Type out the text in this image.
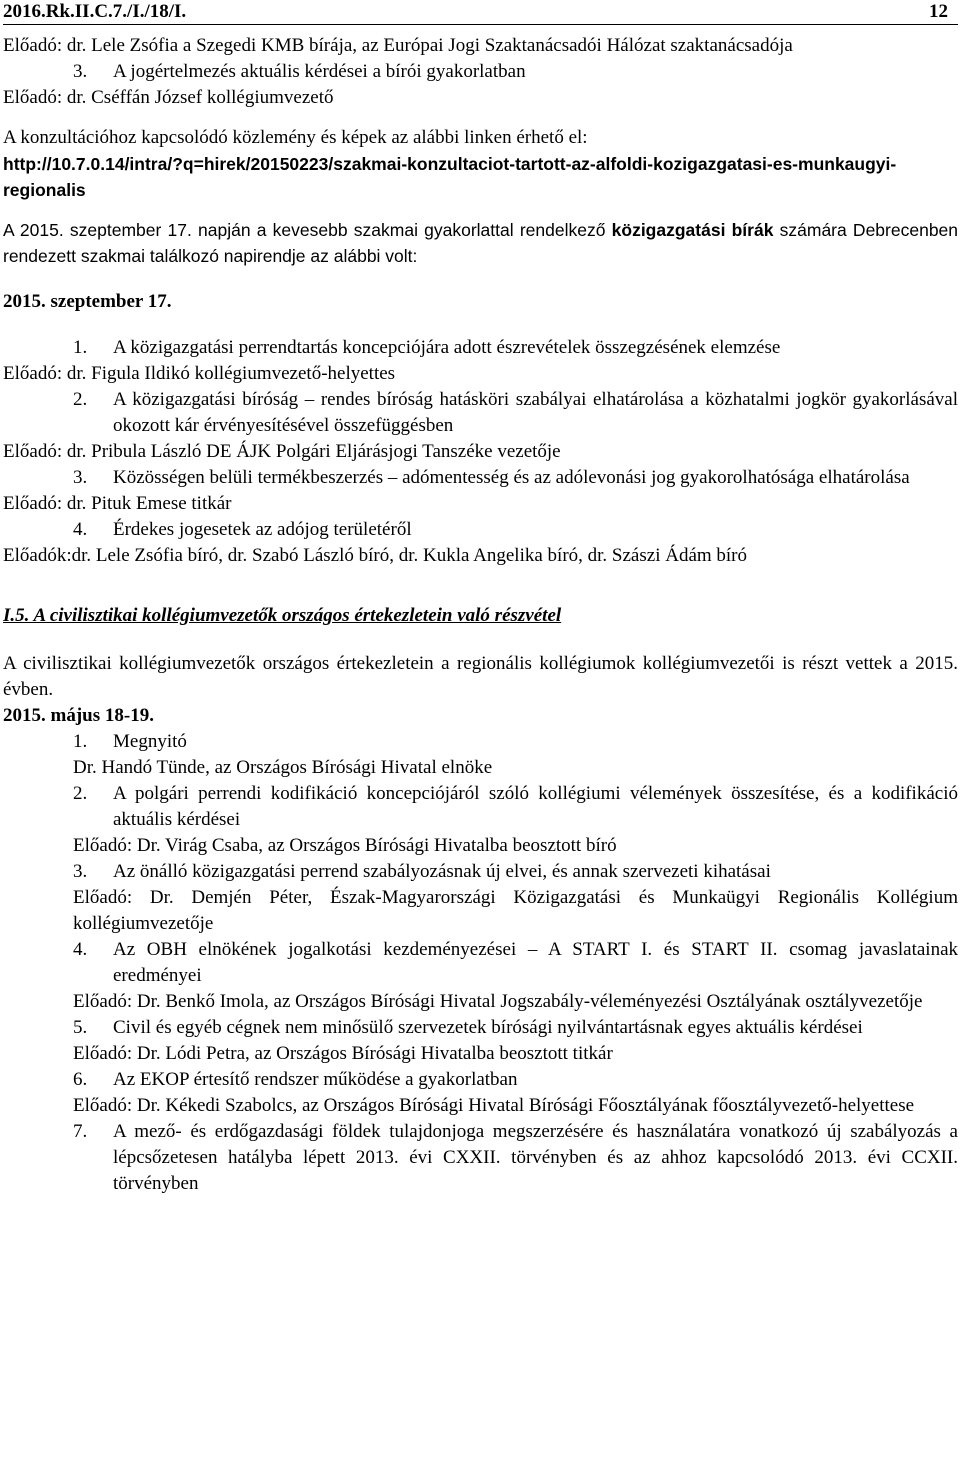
2016.Rk.II.C.7./I./18/I.	12

Előadó: dr. Lele Zsófia a Szegedi KMB bírája, az Európai Jogi Szaktanácsadói Hálózat szaktanácsadója

3.	A jogértelmezés aktuális kérdései a bírói gyakorlatban

Előadó: dr. Cséffán József kollégiumvezető

A konzultációhoz kapcsolódó közlemény és képek az alábbi linken érhető el:

http://10.7.0.14/intra/?q=hirek/20150223/szakmai-konzultaciot-tartott-az-alfoldi-kozigazgatasi-es-munkaugyi-regionalis

A 2015. szeptember 17. napján a kevesebb szakmai gyakorlattal rendelkező közigazgatási bírák számára Debrecenben rendezett szakmai találkozó napirendje az alábbi volt:

2015. szeptember 17.

1.	A közigazgatási perrendtartás koncepciójára adott észrevételek összegzésének elemzése

Előadó: dr. Figula Ildikó kollégiumvezető-helyettes

2.	A közigazgatási bíróság – rendes bíróság hatásköri szabályai elhatárolása a közhatalmi jogkör gyakorlásával okozott kár érvényesítésével összefüggésben

Előadó: dr. Pribula László DE ÁJK Polgári Eljárásjogi Tanszéke vezetője

3.	Közösségen belüli termékbeszerzés – adómentesség és az adólevonási jog gyakorolhatósága elhatárolása

Előadó: dr. Pituk Emese titkár

4.	Érdekes jogesetek az adójog területéről

Előadók:dr. Lele Zsófia bíró, dr. Szabó László bíró, dr. Kukla Angelika bíró, dr. Szászi Ádám bíró

I.5. A civilisztikai kollégiumvezetők országos értekezletein való részvétel

A civilisztikai kollégiumvezetők országos értekezletein a regionális kollégiumok kollégiumvezetői is részt vettek a 2015. évben.

2015. május 18-19.

1.	Megnyitó

Dr. Handó Tünde, az Országos Bírósági Hivatal elnöke

2.	A polgári perrendi kodifikáció koncepciójáról szóló kollégiumi vélemények összesítése, és a kodifikáció aktuális kérdései

Előadó: Dr. Virág Csaba, az Országos Bírósági Hivatalba beosztott bíró

3.	Az önálló közigazgatási perrend szabályozásnak új elvei, és annak szervezeti kihatásai
Előadó: Dr. Demjén Péter, Észak-Magyarországi Közigazgatási és Munkaügyi Regionális Kollégium kollégiumvezetője
4.	Az OBH elnökének jogalkotási kezdeményezései – A START I. és START II. csomag javaslatainak eredményei
Előadó: Dr. Benkő Imola, az Országos Bírósági Hivatal Jogszabály-véleményezési Osztályának osztályvezetője
5.	Civil és egyéb cégnek nem minősülő szervezetek bírósági nyilvántartásnak egyes aktuális kérdései

Előadó: Dr. Lódi Petra, az Országos Bírósági Hivatalba beosztott titkár

6.	Az EKOP értesítő rendszer működése a gyakorlatban
Előadó: Dr. Kékedi Szabolcs, az Országos Bírósági Hivatal Bírósági Főosztályának főosztályvezető-helyettese
7.	A mező- és erdőgazdasági földek tulajdonjoga megszerzésére és használatára vonatkozó új szabályozás a lépcsőzetesen hatályba lépett 2013. évi CXXII. törvényben és az ahhoz kapcsolódó 2013. évi CCXII. törvényben
